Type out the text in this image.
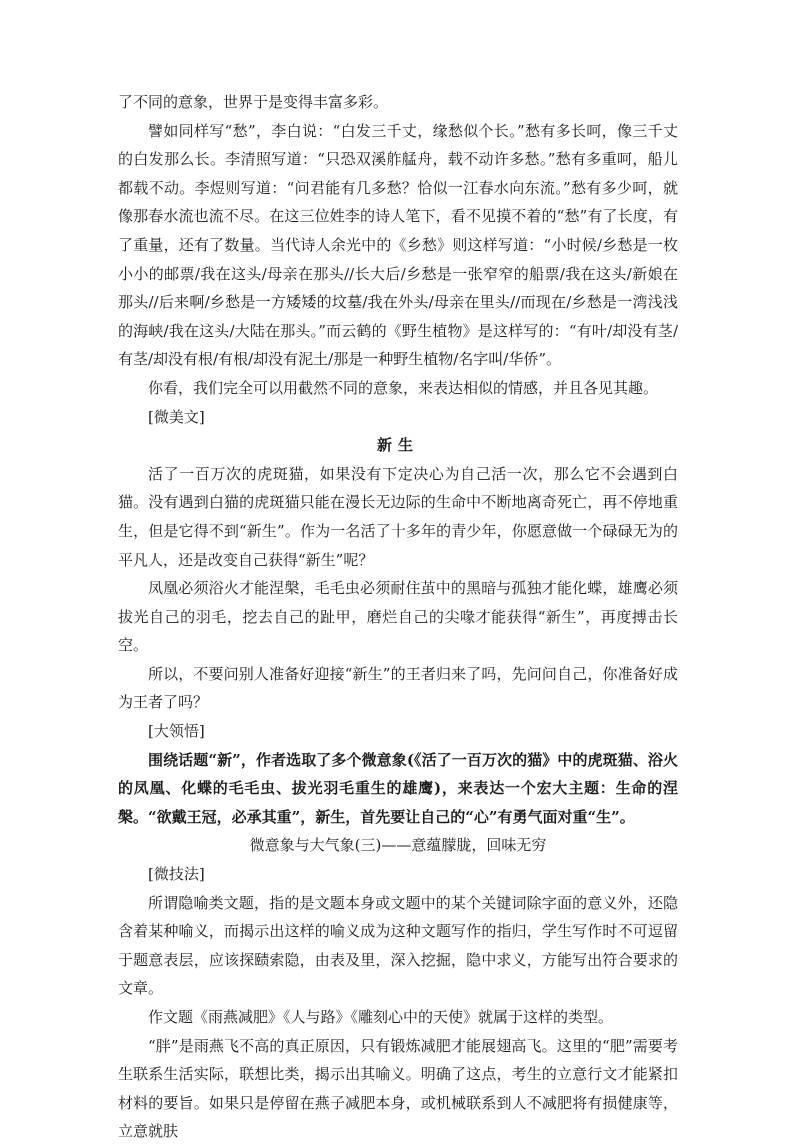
了不同的意象，世界于是变得丰富多彩。

譬如同样写“愁”，李白说：“白发三千丈，缘愁似个长。”愁有多长呵，像三千丈的白发那么长。李清照写道：“只恐双溪舴艋舟，载不动许多愁。”愁有多重呵，船儿都载不动。李煜则写道：“问君能有几多愁？恰似一江春水向东流。”愁有多少呵，就像那春水流也流不尽。在这三位姓李的诗人笔下，看不见摸不着的“愁”有了长度，有了重量，还有了数量。当代诗人余光中的《乡愁》则这样写道：“小时候/乡愁是一枚小小的邮票/我在这头/母亲在那头//长大后/乡愁是一张窄窄的船票/我在这头/新娘在那头//后来啊/乡愁是一方矮矮的坟墓/我在外头/母亲在里头//而现在/乡愁是一湾浅浅的海峡/我在这头/大陆在那头。”而云鹤的《野生植物》是这样写的：“有叶/却没有茎/有茎/却没有根/有根/却没有泥土/那是一种野生植物/名字叫/华侨”。

你看，我们完全可以用截然不同的意象，来表达相似的情感，并且各见其趣。

[微美文]

新生

活了一百万次的虎斑猫，如果没有下定决心为自己活一次，那么它不会遇到白猫。没有遇到白猫的虎斑猫只能在漫长无边际的生命中不断地离奇死亡，再不停地重生，但是它得不到“新生”。作为一名活了十多年的青少年，你愿意做一个碌碌无为的平凡人，还是改变自己获得“新生”呢？

凤凰必须浴火才能涅槃，毛毛虫必须耐住茧中的黑暗与孤独才能化蝶，雄鹰必须拔光自己的羽毛，挖去自己的趾甲，磨烂自己的尖喙才能获得“新生”，再度搏击长空。

所以，不要问别人准备好迎接“新生”的王者归来了吗，先问问自己，你准备好成为王者了吗？

[大领悟]

围绕话题“新”，作者选取了多个微意象(《活了一百万次的猫》中的虎斑猫、浴火的凤凰、化蝶的毛毛虫、拔光羽毛重生的雄鹰)，来表达一个宏大主题：生命的涅槃。“欲戴王冠，必承其重”，新生，首先要让自己的“心”有勇气面对重“生”。

微意象与大气象(三)——意蕴朦胧，回味无穷

[微技法]

所谓隐喻类文题，指的是文题本身或文题中的某个关键词除字面的意义外，还隐含着某种喻义，而揭示出这样的喻义成为这种文题写作的指归，学生写作时不可逗留于题意表层，应该探赜索隐，由表及里，深入挖掘，隐中求义，方能写出符合要求的文章。

作文题《雨燕减肥》《人与路》《雕刻心中的天使》就属于这样的类型。

“胖”是雨燕飞不高的真正原因，只有锻炼减肥才能展翅高飞。这里的“肥”需要考生联系生活实际，联想比类，揭示出其喻义。明确了这点，考生的立意行文才能紧扣材料的要旨。如果只是停留在燕子减肥本身，或机械联系到人不减肥将有损健康等，立意就肤
